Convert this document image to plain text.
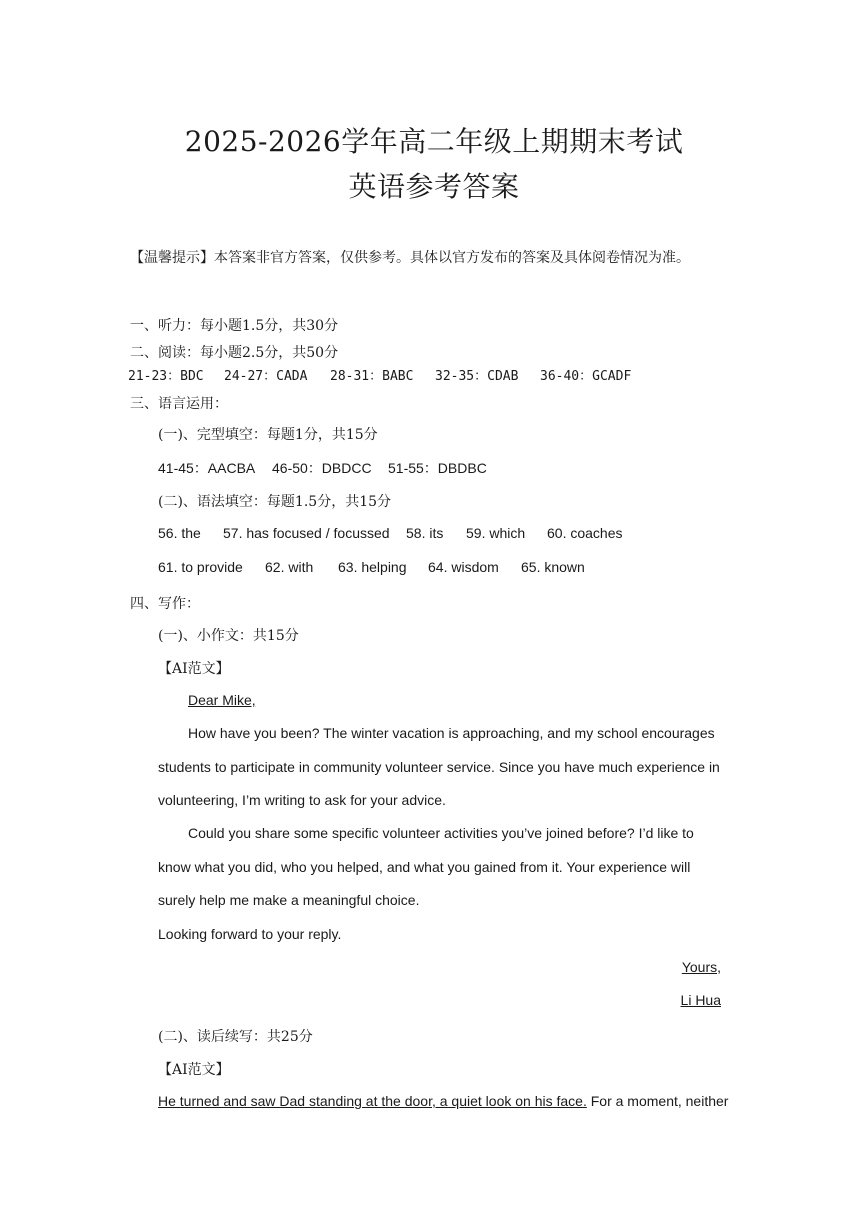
2025-2026学年高二年级上期期末考试
英语参考答案
【温馨提示】本答案非官方答案，仅供参考。具体以官方发布的答案及具体阅卷情况为准。
一、听力：每小题1.5分，共30分
二、阅读：每小题2.5分，共50分
21-23：BDC 24-27：CADA 28-31：BABC 32-35：CDAB 36-40：GCADF
三、语言运用：
(一)、完型填空：每题1分，共15分
41-45：AACBA 46-50：DBDCC 51-55：DBDBC
(二)、语法填空：每题1.5分，共15分
56. the 57. has focused / focussed 58. its 59. which 60. coaches
61. to provide 62. with 63. helping 64. wisdom 65. known
四、写作：
(一)、小作文：共15分
【AI范文】
Dear Mike,
How have you been? The winter vacation is approaching, and my school encourages
students to participate in community volunteer service. Since you have much experience in
volunteering, I’m writing to ask for your advice.
Could you share some specific volunteer activities you’ve joined before? I’d like to
know what you did, who you helped, and what you gained from it. Your experience will
surely help me make a meaningful choice.
Looking forward to your reply.
Yours,
Li Hua
(二)、读后续写：共25分
【AI范文】
He turned and saw Dad standing at the door, a quiet look on his face. For a moment, neither
